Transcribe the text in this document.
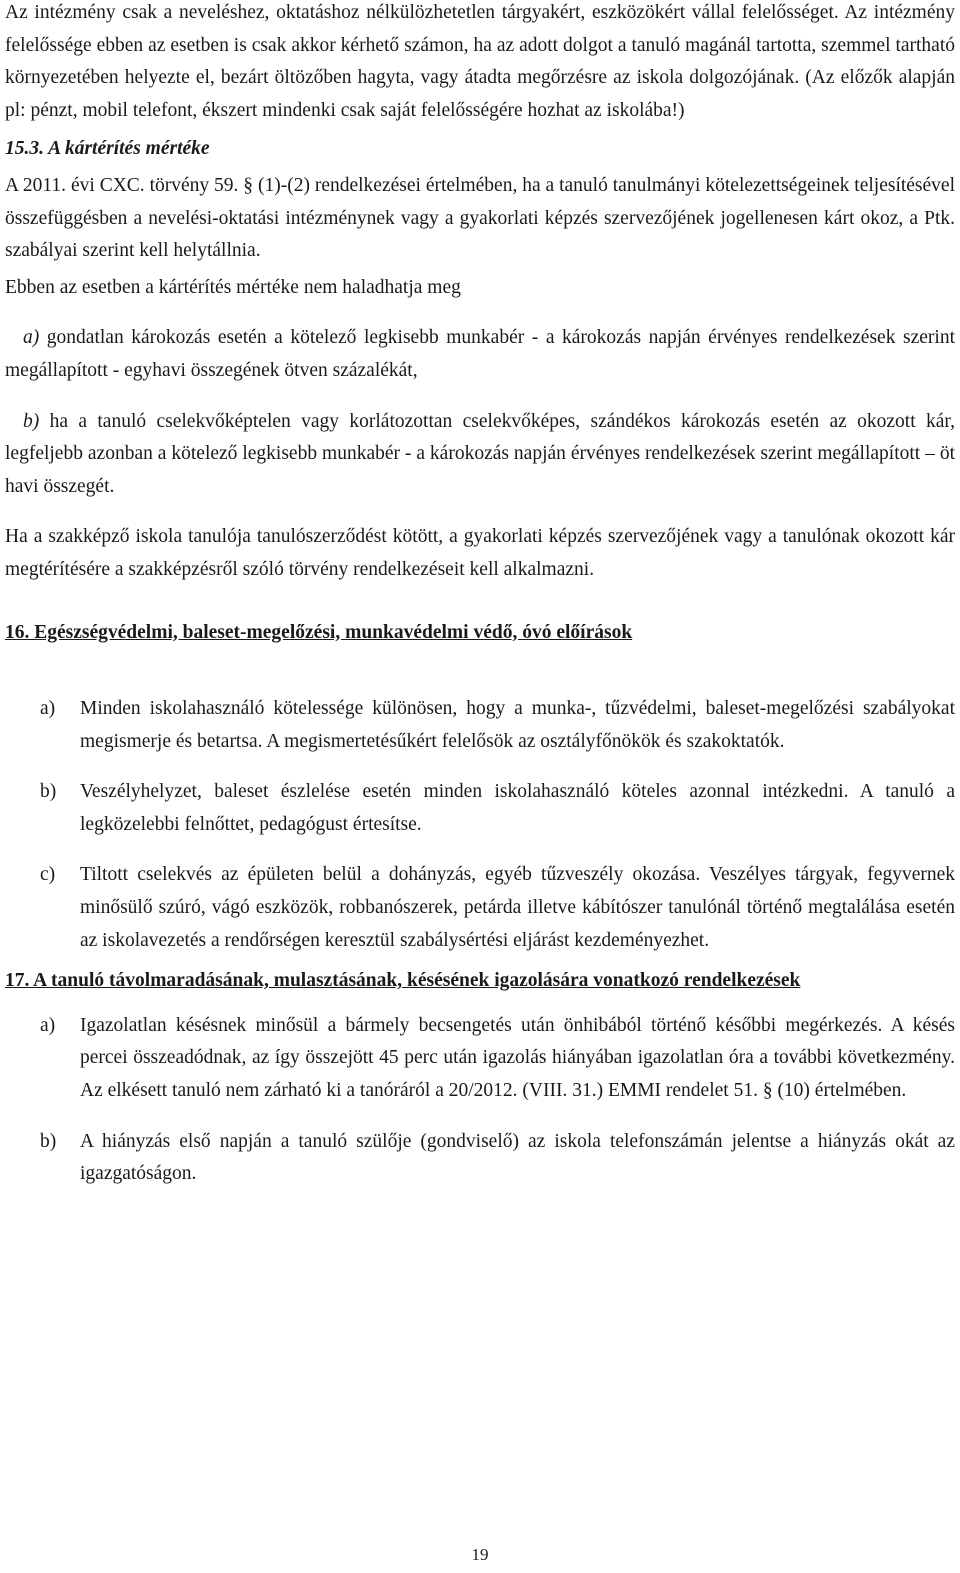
Az intézmény csak a neveléshez, oktatáshoz nélkülözhetetlen tárgyakért, eszközökért vállal felelősséget. Az intézmény felelőssége ebben az esetben is csak akkor kérhető számon, ha az adott dolgot a tanuló magánál tartotta, szemmel tartható környezetében helyezte el, bezárt öltözőben hagyta, vagy átadta megőrzésre az iskola dolgozójának. (Az előzők alapján pl: pénzt, mobil telefont, ékszert mindenki csak saját felelősségére hozhat az iskolába!)

15.3. A kártérítés mértéke

A 2011. évi CXC. törvény 59. § (1)-(2) rendelkezései értelmében, ha a tanuló tanulmányi kötelezettségeinek teljesítésével összefüggésben a nevelési-oktatási intézménynek vagy a gyakorlati képzés szervezőjének jogellenesen kárt okoz, a Ptk. szabályai szerint kell helytállnia.

Ebben az esetben a kártérítés mértéke nem haladhatja meg

a) gondatlan károkozás esetén a kötelező legkisebb munkabér - a károkozás napján érvényes rendelkezések szerint megállapított - egyhavi összegének ötven százalékát,

b) ha a tanuló cselekvőképtelen vagy korlátozottan cselekvőképes, szándékos károkozás esetén az okozott kár, legfeljebb azonban a kötelező legkisebb munkabér - a károkozás napján érvényes rendelkezések szerint megállapított – öt havi összegét.

Ha a szakképző iskola tanulója tanulószerződést kötött, a gyakorlati képzés szervezőjének vagy a tanulónak okozott kár megtérítésére a szakképzésről szóló törvény rendelkezéseit kell alkalmazni.

16. Egészségvédelmi, baleset-megelőzési, munkavédelmi védő, óvó előírások

a) Minden iskolahasználó kötelessége különösen, hogy a munka-, tűzvédelmi, baleset-megelőzési szabályokat megismerje és betartsa. A megismertetésűkért felelősök az osztályfőnökök és szakoktatók.
b) Veszélyhelyzet, baleset észlelése esetén minden iskolahasználó köteles azonnal intézkedni. A tanuló a legközelebbi felnőttet, pedagógust értesítse.
c) Tiltott cselekvés az épületen belül a dohányzás, egyéb tűzveszély okozása. Veszélyes tárgyak, fegyvernek minősülő szúró, vágó eszközök, robbanószerek, petárda illetve kábítószer tanulónál történő megtalálása esetén az iskolavezetés a rendőrségen keresztül szabálysértési eljárást kezdeményezhet.

17. A tanuló távolmaradásának, mulasztásának, késésének igazolására vonatkozó rendelkezések

a) Igazolatlan késésnek minősül a bármely becsengetés után önhibából történő későbbi megérkezés. A késés percei összeadódnak, az így összejött 45 perc után igazolás hiányában igazolatlan óra a további következmény. Az elkésett tanuló nem zárható ki a tanóráról a 20/2012. (VIII. 31.) EMMI rendelet 51. § (10) értelmében.
b) A hiányzás első napján a tanuló szülője (gondviselő) az iskola telefonszámán jelentse a hiányzás okát az igazgatóságon.
19
